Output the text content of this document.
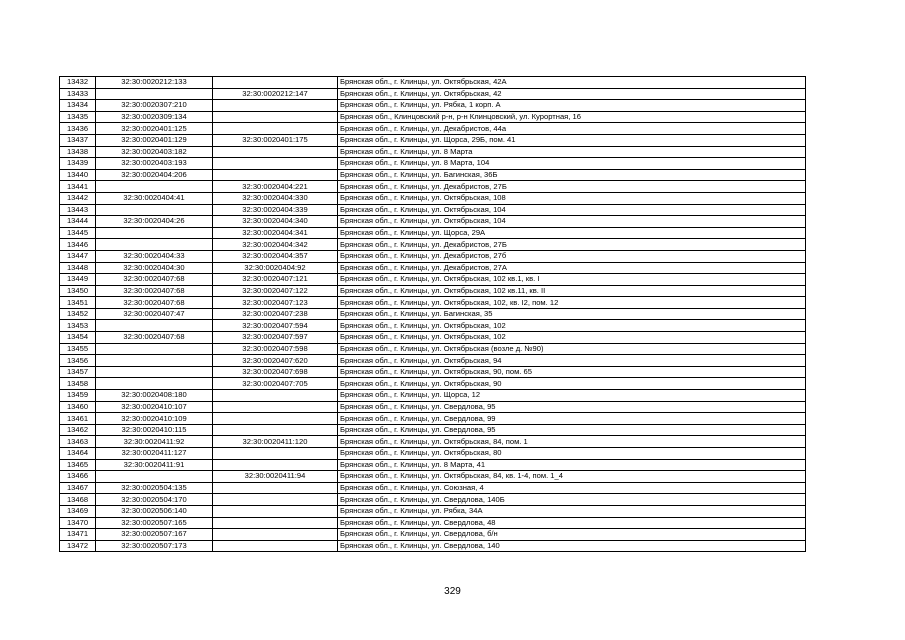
13432	32:30:0020212:133		Брянская обл., г. Клинцы, ул. Октябрьская, 42А
13433		32:30:0020212:147	Брянская обл., г. Клинцы, ул. Октябрьская, 42
13434	32:30:0020307:210		Брянская обл., г. Клинцы, ул. Рябка, 1 корп. А
13435	32:30:0020309:134		Брянская обл., Клинцовский р-н, р-н Клинцовский, ул. Курортная, 16
13436	32:30:0020401:125		Брянская обл., г. Клинцы, ул. Декабристов, 44а
13437	32:30:0020401:129	32:30:0020401:175	Брянская обл., г. Клинцы, ул. Щорса, 29Б, пом. 41
13438	32:30:0020403:182		Брянская обл., г. Клинцы, ул. 8 Марта
13439	32:30:0020403:193		Брянская обл., г. Клинцы, ул. 8 Марта, 104
13440	32:30:0020404:206		Брянская обл., г. Клинцы, ул. Багинская, 36Б
13441		32:30:0020404:221	Брянская обл., г. Клинцы, ул. Декабристов, 27Б
13442	32:30:0020404:41	32:30:0020404:330	Брянская обл., г. Клинцы, ул. Октябрьская, 108
13443		32:30:0020404:339	Брянская обл., г. Клинцы, ул. Октябрьская, 104
13444	32:30:0020404:26	32:30:0020404:340	Брянская обл., г. Клинцы, ул. Октябрьская, 104
13445		32:30:0020404:341	Брянская обл., г. Клинцы, ул. Щорса, 29А
13446		32:30:0020404:342	Брянская обл., г. Клинцы, ул. Декабристов, 27Б
13447	32:30:0020404:33	32:30:0020404:357	Брянская обл., г. Клинцы, ул. Декабристов, 27б
13448	32:30:0020404:30	32:30:0020404:92	Брянская обл., г. Клинцы, ул. Декабристов, 27А
13449	32:30:0020407:68	32:30:0020407:121	Брянская обл., г. Клинцы, ул. Октябрьская, 102 кв.1, кв. I
13450	32:30:0020407:68	32:30:0020407:122	Брянская обл., г. Клинцы, ул. Октябрьская, 102 кв.11, кв. II
13451	32:30:0020407:68	32:30:0020407:123	Брянская обл., г. Клинцы, ул. Октябрьская, 102, кв. I2, пом. 12
13452	32:30:0020407:47	32:30:0020407:238	Брянская обл., г. Клинцы, ул. Багинская, 35
13453		32:30:0020407:594	Брянская обл., г. Клинцы, ул. Октябрьская, 102
13454	32:30:0020407:68	32:30:0020407:597	Брянская обл., г. Клинцы, ул. Октябрьская, 102
13455		32:30:0020407:598	Брянская обл., г. Клинцы, ул. Октябрьская (возле д. №90)
13456		32:30:0020407:620	Брянская обл., г. Клинцы, ул. Октябрьская, 94
13457		32:30:0020407:698	Брянская обл., г. Клинцы, ул. Октябрьская, 90, пом. 65
13458		32:30:0020407:705	Брянская обл., г. Клинцы, ул. Октябрьская, 90
13459	32:30:0020408:180		Брянская обл., г. Клинцы, ул. Щорса, 12
13460	32:30:0020410:107		Брянская обл., г. Клинцы, ул. Свердлова, 95
13461	32:30:0020410:109		Брянская обл., г. Клинцы, ул. Свердлова, 99
13462	32:30:0020410:115		Брянская обл., г. Клинцы, ул. Свердлова, 95
13463	32:30:0020411:92	32:30:0020411:120	Брянская обл., г. Клинцы, ул. Октябрьская, 84, пом. 1
13464	32:30:0020411:127		Брянская обл., г. Клинцы, ул. Октябрьская, 80
13465	32:30:0020411:91		Брянская обл., г. Клинцы, ул. 8 Марта, 41
13466		32:30:0020411:94	Брянская обл., г. Клинцы, ул. Октябрьская, 84, кв. 1-4, пом. 1_4
13467	32:30:0020504:135		Брянская обл., г. Клинцы, ул. Союзная, 4
13468	32:30:0020504:170		Брянская обл., г. Клинцы, ул. Свердлова, 140Б
13469	32:30:0020506:140		Брянская обл., г. Клинцы, ул. Рябка, 34А
13470	32:30:0020507:165		Брянская обл., г. Клинцы, ул. Свердлова, 48
13471	32:30:0020507:167		Брянская обл., г. Клинцы, ул. Свердлова, б/н
13472	32:30:0020507:173		Брянская обл., г. Клинцы, ул. Свердлова, 140
329
